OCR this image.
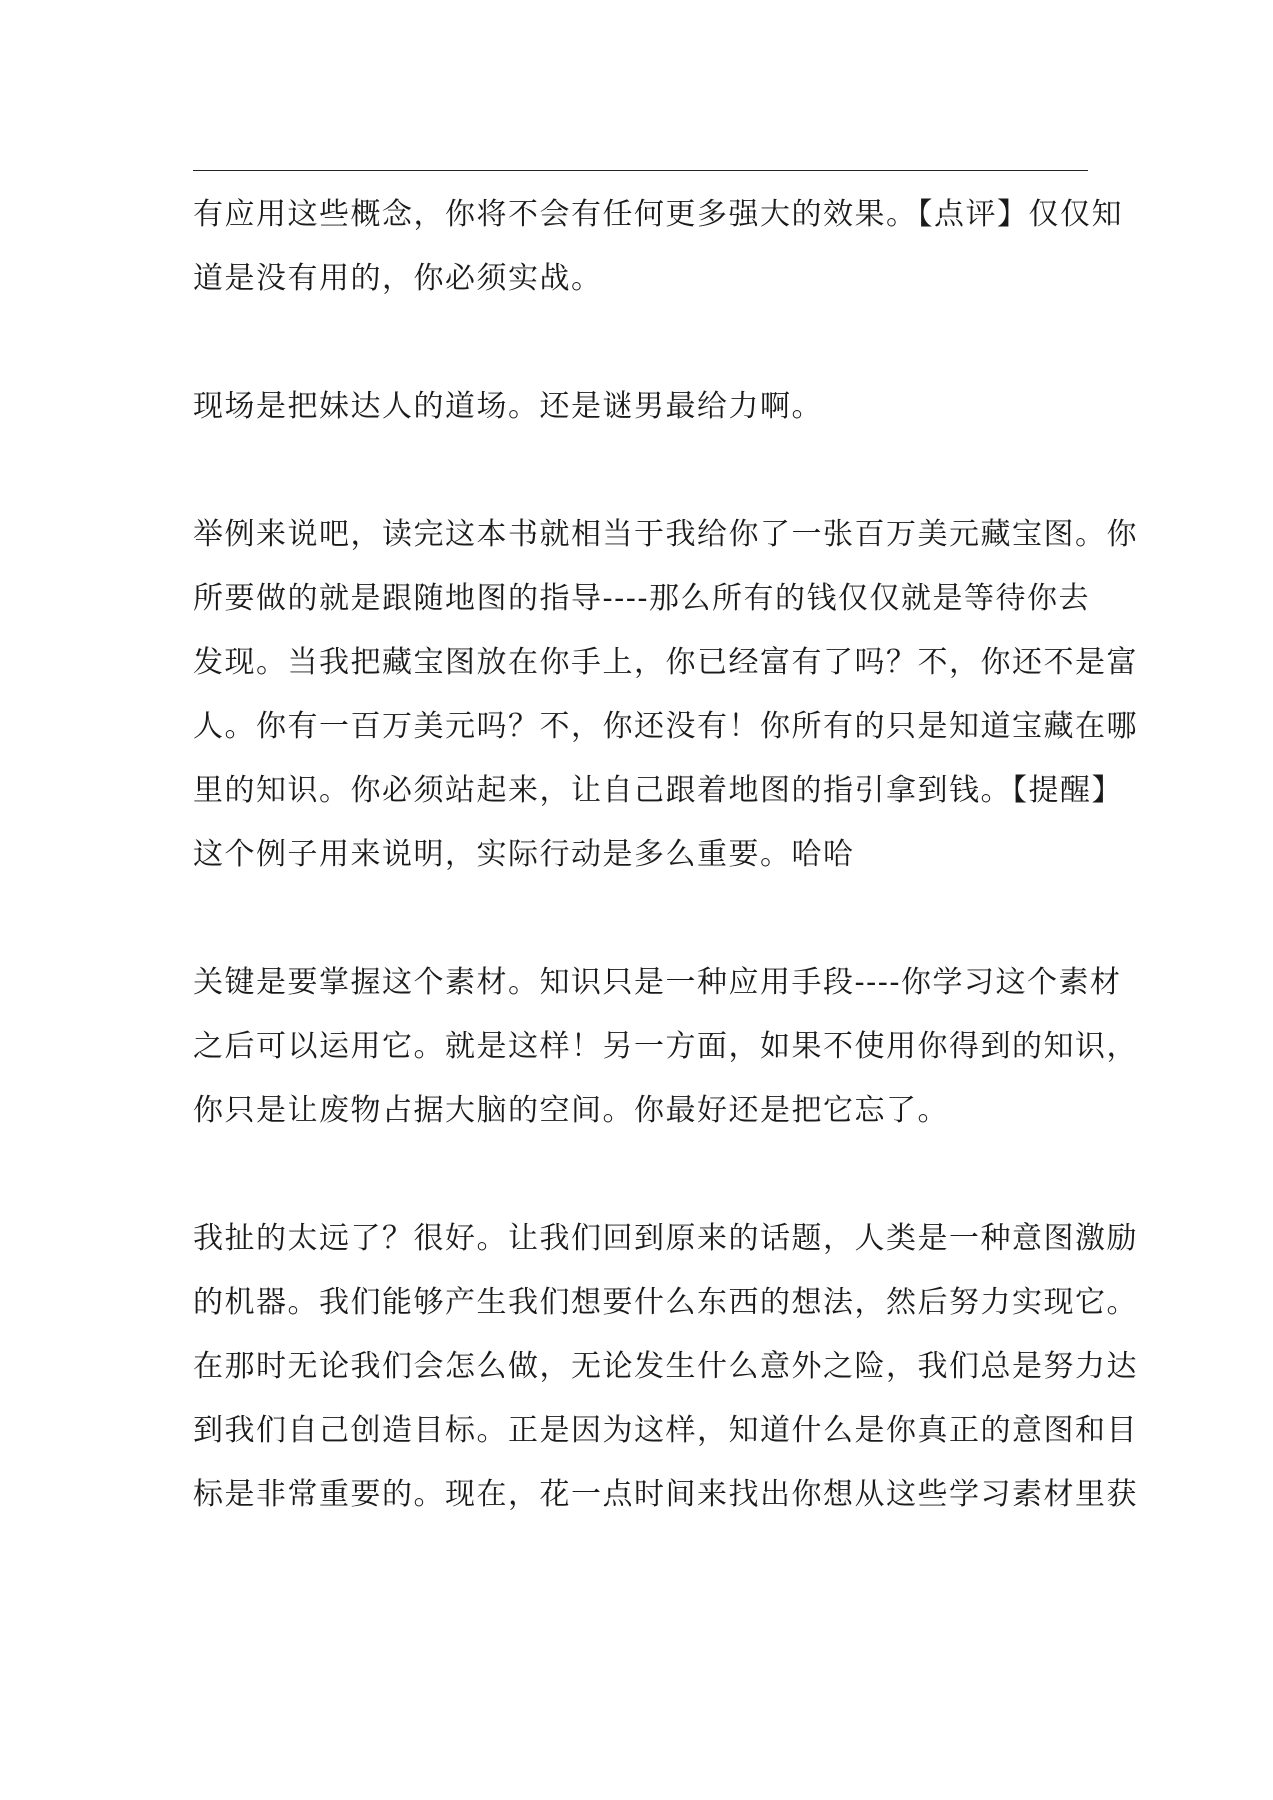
有应用这些概念，你将不会有任何更多强大的效果。【点评】仅仅知
道是没有用的，你必须实战。

现场是把妹达人的道场。还是谜男最给力啊。

举例来说吧，读完这本书就相当于我给你了一张百万美元藏宝图。你
所要做的就是跟随地图的指导----那么所有的钱仅仅就是等待你去
发现。当我把藏宝图放在你手上，你已经富有了吗？不，你还不是富
人。你有一百万美元吗？不，你还没有！你所有的只是知道宝藏在哪
里的知识。你必须站起来，让自己跟着地图的指引拿到钱。【提醒】
这个例子用来说明，实际行动是多么重要。哈哈

关键是要掌握这个素材。知识只是一种应用手段----你学习这个素材
之后可以运用它。就是这样！另一方面，如果不使用你得到的知识，
你只是让废物占据大脑的空间。你最好还是把它忘了。

我扯的太远了？很好。让我们回到原来的话题，人类是一种意图激励
的机器。我们能够产生我们想要什么东西的想法，然后努力实现它。
在那时无论我们会怎么做，无论发生什么意外之险，我们总是努力达
到我们自己创造目标。正是因为这样，知道什么是你真正的意图和目
标是非常重要的。现在，花一点时间来找出你想从这些学习素材里获
